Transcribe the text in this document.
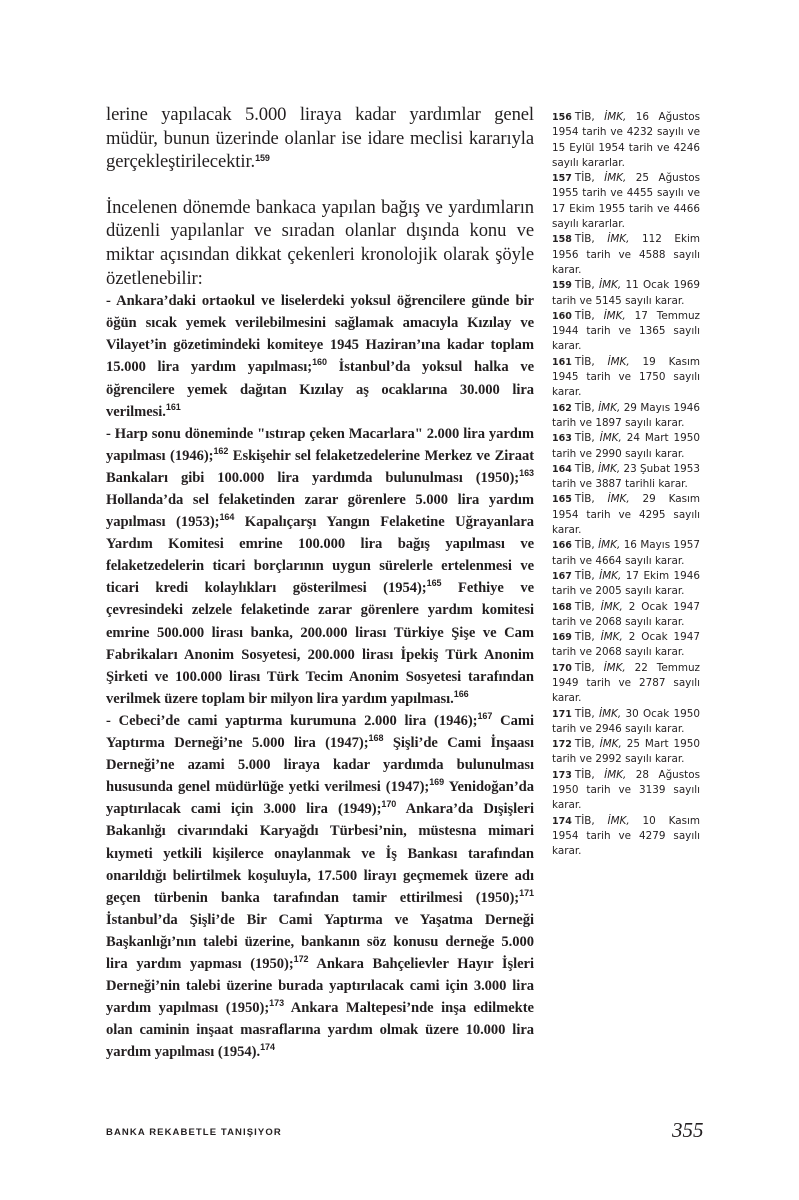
lerine yapılacak 5.000 liraya kadar yardımlar genel müdür, bunun üzerinde olanlar ise idare meclisi kararıyla gerçekleştirilecektir.$^{159}$

İncelenen dönemde bankaca yapılan bağış ve yardımların düzenli yapılanlar ve sıradan olanlar dışında konu ve miktar açısından dikkat çekenleri kronolojik olarak şöyle özetlenebilir:

- Ankara’daki ortaokul ve liselerdeki yoksul öğrencilere günde bir öğün sıcak yemek verilebilmesini sağlamak amacıyla Kızılay ve Vilayet’in gözetimindeki komiteye 1945 Haziran’ına kadar toplam 15.000 lira yardım yapılması;$^{160}$ İstanbul’da yoksul halka ve öğrencilere yemek dağıtan Kızılay aş ocaklarına 30.000 lira verilmesi.$^{161}$

- Harp sonu döneminde "ıstırap çeken Macarlara" 2.000 lira yardım yapılması (1946);$^{162}$ Eskişehir sel felaketzedelerine Merkez ve Ziraat Bankaları gibi 100.000 lira yardımda bulunulması (1950);$^{163}$ Hollanda’da sel felaketinden zarar görenlere 5.000 lira yardım yapılması (1953);$^{164}$ Kapalıçarşı Yangın Felaketine Uğrayanlara Yardım Komitesi emrine 100.000 lira bağış yapılması ve felaketzedelerin ticari borçlarının uygun sürelerle ertelenmesi ve ticari kredi kolaylıkları gösterilmesi (1954);$^{165}$ Fethiye ve çevresindeki zelzele felaketinde zarar görenlere yardım komitesi emrine 500.000 lirası banka, 200.000 lirası Türkiye Şişe ve Cam Fabrikaları Anonim Sosyetesi, 200.000 lirası İpekiş Türk Anonim Şirketi ve 100.000 lirası Türk Tecim Anonim Sosyetesi tarafından verilmek üzere toplam bir milyon lira yardım yapılması.$^{166}$

- Cebeci’de cami yaptırma kurumuna 2.000 lira (1946);$^{167}$ Cami Yaptırma Derneği’ne 5.000 lira (1947);$^{168}$ Şişli’de Cami İnşaası Derneği’ne azami 5.000 liraya kadar yardımda bulunulması hususunda genel müdürlüğe yetki verilmesi (1947);$^{169}$ Yenidoğan’da yaptırılacak cami için 3.000 lira (1949);$^{170}$ Ankara’da Dışişleri Bakanlığı civarındaki Karyağdı Türbesi’nin, müstesna mimari kıymeti yetkili kişilerce onaylanmak ve İş Bankası tarafından onarıldığı belirtilmek koşuluyla, 17.500 lirayı geçmemek üzere adı geçen türbenin banka tarafından tamir ettirilmesi (1950);$^{171}$ İstanbul’da Şişli’de Bir Cami Yaptırma ve Yaşatma Derneği Başkanlığı’nın talebi üzerine, bankanın söz konusu derneğe 5.000 lira yardım yapması (1950);$^{172}$ Ankara Bahçelievler Hayır İşleri Derneği’nin talebi üzerine burada yaptırılacak cami için 3.000 lira yardım yapılması (1950);$^{173}$ Ankara Maltepesi’nde inşa edilmekte olan caminin inşaat masraflarına yardım olmak üzere 10.000 lira yardım yapılması (1954).$^{174}$

156 TİB, İMK, 16 Ağustos 1954 tarih ve 4232 sayılı ve 15 Eylül 1954 tarih ve 4246 sayılı kararlar.

157 TİB, İMK, 25 Ağustos 1955 tarih ve 4455 sayılı ve 17 Ekim 1955 tarih ve 4466 sayılı kararlar.

158 TİB, İMK, 112 Ekim 1956 tarih ve 4588 sayılı karar.

159 TİB, İMK, 11 Ocak 1969 tarih ve 5145 sayılı karar.

160 TİB, İMK, 17 Temmuz 1944 tarih ve 1365 sayılı karar.

161 TİB, İMK, 19 Kasım 1945 tarih ve 1750 sayılı karar.

162 TİB, İMK, 29 Mayıs 1946 tarih ve 1897 sayılı karar.

163 TİB, İMK, 24 Mart 1950 tarih ve 2990 sayılı karar.

164 TİB, İMK, 23 Şubat 1953 tarih ve 3887 tarihli karar.

165 TİB, İMK, 29 Kasım 1954 tarih ve 4295 sayılı karar.

166 TİB, İMK, 16 Mayıs 1957 tarih ve 4664 sayılı karar.

167 TİB, İMK, 17 Ekim 1946 tarih ve 2005 sayılı karar.

168 TİB, İMK, 2 Ocak 1947 tarih ve 2068 sayılı karar.

169 TİB, İMK, 2 Ocak 1947 tarih ve 2068 sayılı karar.

170 TİB, İMK, 22 Temmuz 1949 tarih ve 2787 sayılı karar.

171 TİB, İMK, 30 Ocak 1950 tarih ve 2946 sayılı karar.

172 TİB, İMK, 25 Mart 1950 tarih ve 2992 sayılı karar.

173 TİB, İMK, 28 Ağustos 1950 tarih ve 3139 sayılı karar.

174 TİB, İMK, 10 Kasım 1954 tarih ve 4279 sayılı karar.

BANKA REKABETLE TANIŞIYOR	355
